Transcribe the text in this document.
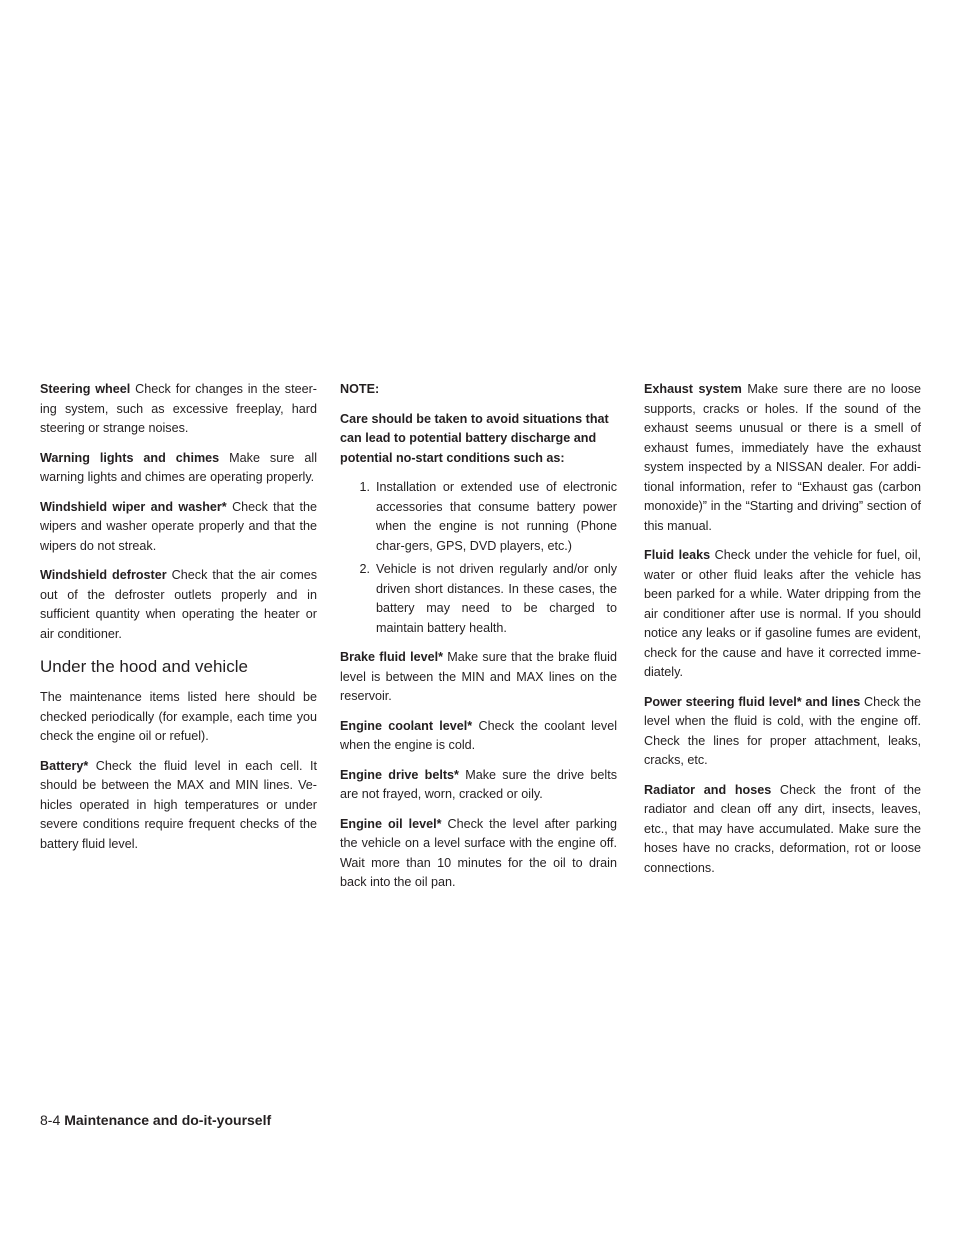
Steering wheel Check for changes in the steer-ing system, such as excessive freeplay, hard steering or strange noises.

Warning lights and chimes Make sure all warning lights and chimes are operating properly.

Windshield wiper and washer* Check that the wipers and washer operate properly and that the wipers do not streak.

Windshield defroster Check that the air comes out of the defroster outlets properly and in sufficient quantity when operating the heater or air conditioner.

Under the hood and vehicle

The maintenance items listed here should be checked periodically (for example, each time you check the engine oil or refuel).

Battery* Check the fluid level in each cell. It should be between the MAX and MIN lines. Ve-hicles operated in high temperatures or under severe conditions require frequent checks of the battery fluid level.

NOTE:

Care should be taken to avoid situations that can lead to potential battery discharge and potential no-start conditions such as:

1. Installation or extended use of electronic accessories that consume battery power when the engine is not running (Phone char-gers, GPS, DVD players, etc.)
2. Vehicle is not driven regularly and/or only driven short distances. In these cases, the battery may need to be charged to maintain battery health.

Brake fluid level* Make sure that the brake fluid level is between the MIN and MAX lines on the reservoir.

Engine coolant level* Check the coolant level when the engine is cold.

Engine drive belts* Make sure the drive belts are not frayed, worn, cracked or oily.

Engine oil level* Check the level after parking the vehicle on a level surface with the engine off. Wait more than 10 minutes for the oil to drain back into the oil pan.

Exhaust system Make sure there are no loose supports, cracks or holes. If the sound of the exhaust seems unusual or there is a smell of exhaust fumes, immediately have the exhaust system inspected by a NISSAN dealer. For addi-tional information, refer to “Exhaust gas (carbon monoxide)” in the “Starting and driving” section of this manual.

Fluid leaks Check under the vehicle for fuel, oil, water or other fluid leaks after the vehicle has been parked for a while. Water dripping from the air conditioner after use is normal. If you should notice any leaks or if gasoline fumes are evident, check for the cause and have it corrected imme-diately.

Power steering fluid level* and lines Check the level when the fluid is cold, with the engine off. Check the lines for proper attachment, leaks, cracks, etc.

Radiator and hoses Check the front of the radiator and clean off any dirt, insects, leaves, etc., that may have accumulated. Make sure the hoses have no cracks, deformation, rot or loose connections.

8-4 Maintenance and do-it-yourself
